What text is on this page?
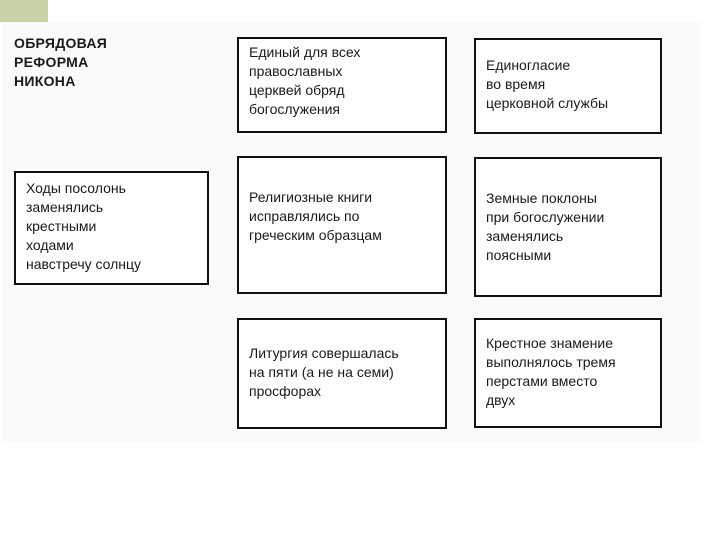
ОБРЯДОВАЯ
РЕФОРМА
НИКОНА
Единый для всех
православных
церквей обряд
богослужения
Единогласие
во время
церковной службы
Ходы посолонь
заменялись
крестными
ходами
навстречу солнцу
Религиозные книги
исправлялись по
греческим образцам
Земные поклоны
при богослужении
заменялись
поясными
Литургия совершалась
на пяти (а не на семи)
просфорах
Крестное знамение
выполнялось тремя
перстами вместо
двух
